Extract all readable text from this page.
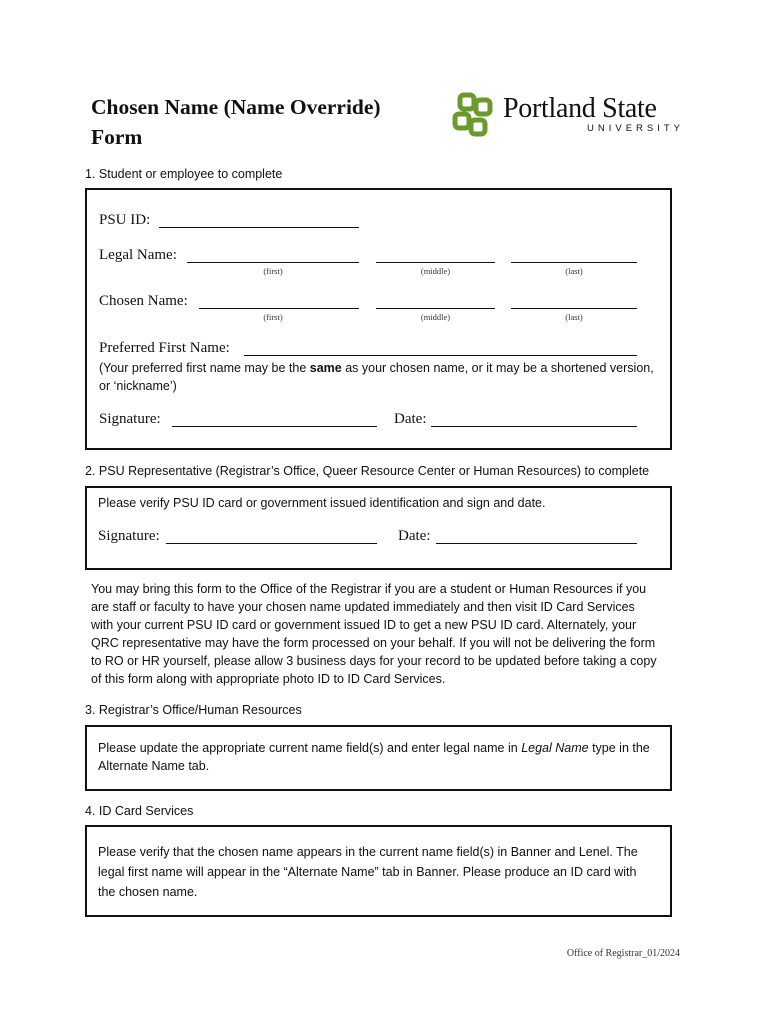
Chosen Name (Name Override)
Form
Portland State
UNIVERSITY
1. Student or employee to complete
PSU ID:
Legal Name:
(first)	(middle)	(last)
Chosen Name:
(first)	(middle)	(last)
Preferred First Name:
(Your preferred first name may be the same as your chosen name, or it may be a shortened version,
or ‘nickname’)
Signature:	Date:
2. PSU Representative (Registrar’s Office, Queer Resource Center or Human Resources) to complete
Please verify PSU ID card or government issued identification and sign and date.
Signature:	Date:
You may bring this form to the Office of the Registrar if you are a student or Human Resources if you
are staff or faculty to have your chosen name updated immediately and then visit ID Card Services
with your current PSU ID card or government issued ID to get a new PSU ID card. Alternately, your
QRC representative may have the form processed on your behalf. If you will not be delivering the form
to RO or HR yourself, please allow 3 business days for your record to be updated before taking a copy
of this form along with appropriate photo ID to ID Card Services.
3. Registrar’s Office/Human Resources
Please update the appropriate current name field(s) and enter legal name in Legal Name type in the
Alternate Name tab.
4. ID Card Services
Please verify that the chosen name appears in the current name field(s) in Banner and Lenel. The
legal first name will appear in the “Alternate Name” tab in Banner. Please produce an ID card with
the chosen name.
Office of Registrar_01/2024
